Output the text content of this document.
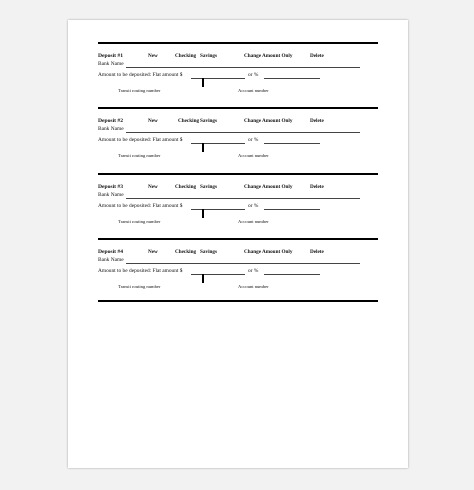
Deposit #1	New	Checking Savings	Change Amount Only	Delete
Bank Name
Amount to be deposited: Flat amount $	or %
Transit routing number	Account number
Deposit #2	New	Checking Savings	Change Amount Only	Delete
Bank Name
Amount to be deposited: Flat amount $	or %
Transit routing number	Account number
Deposit #3	New	Checking Savings	Change Amount Only	Delete
Bank Name
Amount to be deposited: Flat amount $	or %
Transit routing number	Account number
Deposit #4	New	Checking Savings	Change Amount Only	Delete
Bank Name
Amount to be deposited: Flat amount $	or %
Transit routing number	Account number
